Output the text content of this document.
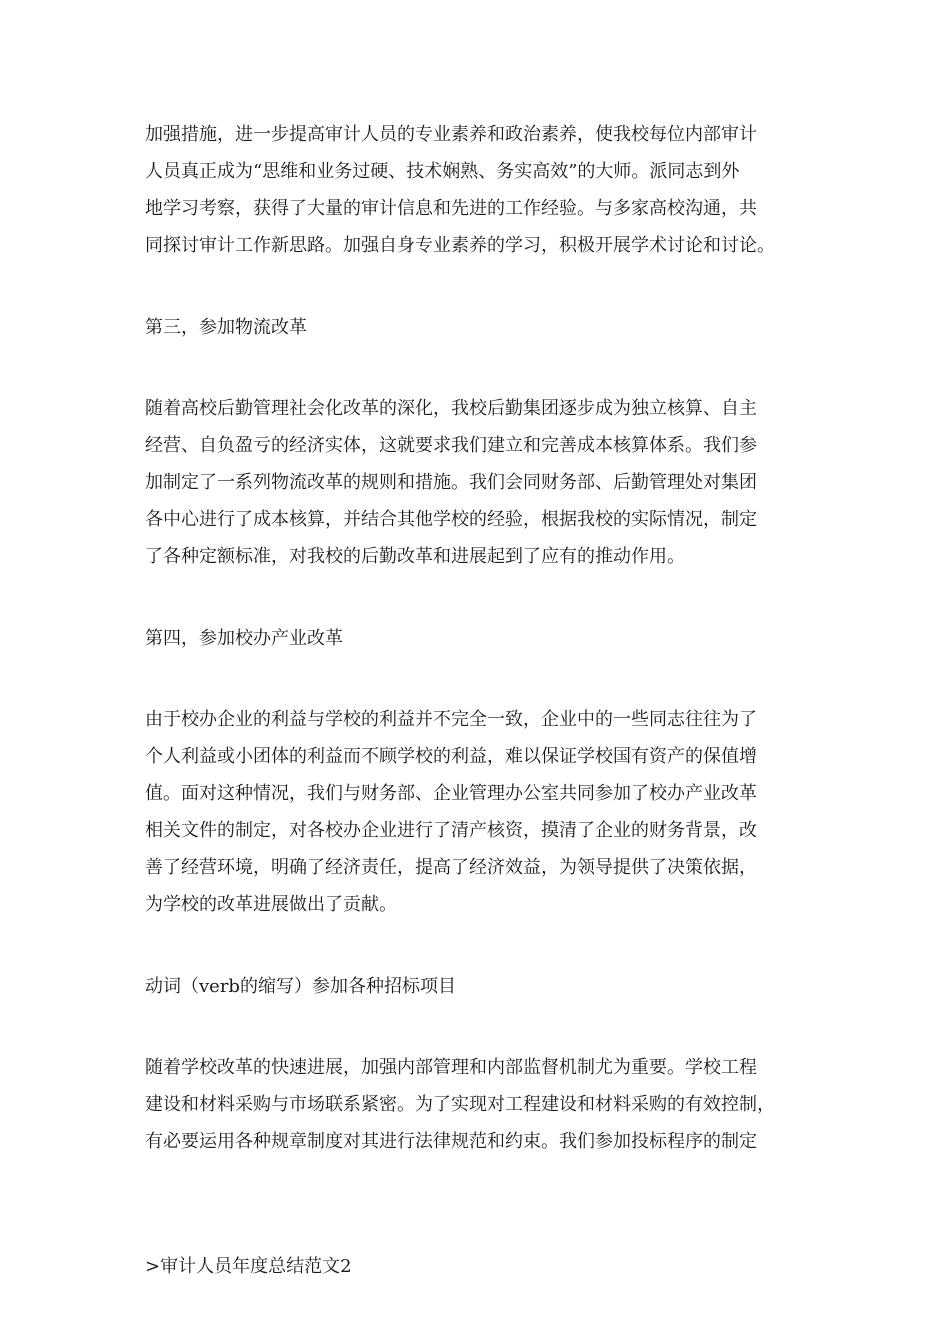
加强措施，进一步提高审计人员的专业素养和政治素养，使我校每位内部审计
人员真正成为“思维和业务过硬、技术娴熟、务实高效”的大师。派同志到外
地学习考察，获得了大量的审计信息和先进的工作经验。与多家高校沟通，共
同探讨审计工作新思路。加强自身专业素养的学习，积极开展学术讨论和讨论。
第三，参加物流改革
随着高校后勤管理社会化改革的深化，我校后勤集团逐步成为独立核算、自主
经营、自负盈亏的经济实体，这就要求我们建立和完善成本核算体系。我们参
加制定了一系列物流改革的规则和措施。我们会同财务部、后勤管理处对集团
各中心进行了成本核算，并结合其他学校的经验，根据我校的实际情况，制定
了各种定额标准，对我校的后勤改革和进展起到了应有的推动作用。
第四，参加校办产业改革
由于校办企业的利益与学校的利益并不完全一致，企业中的一些同志往往为了
个人利益或小团体的利益而不顾学校的利益，难以保证学校国有资产的保值增
值。面对这种情况，我们与财务部、企业管理办公室共同参加了校办产业改革
相关文件的制定，对各校办企业进行了清产核资，摸清了企业的财务背景，改
善了经营环境，明确了经济责任，提高了经济效益，为领导提供了决策依据，
为学校的改革进展做出了贡献。
动词（verb的缩写）参加各种招标项目
随着学校改革的快速进展，加强内部管理和内部监督机制尤为重要。学校工程
建设和材料采购与市场联系紧密。为了实现对工程建设和材料采购的有效控制，
有必要运用各种规章制度对其进行法律规范和约束。我们参加投标程序的制定
>审计人员年度总结范文2
